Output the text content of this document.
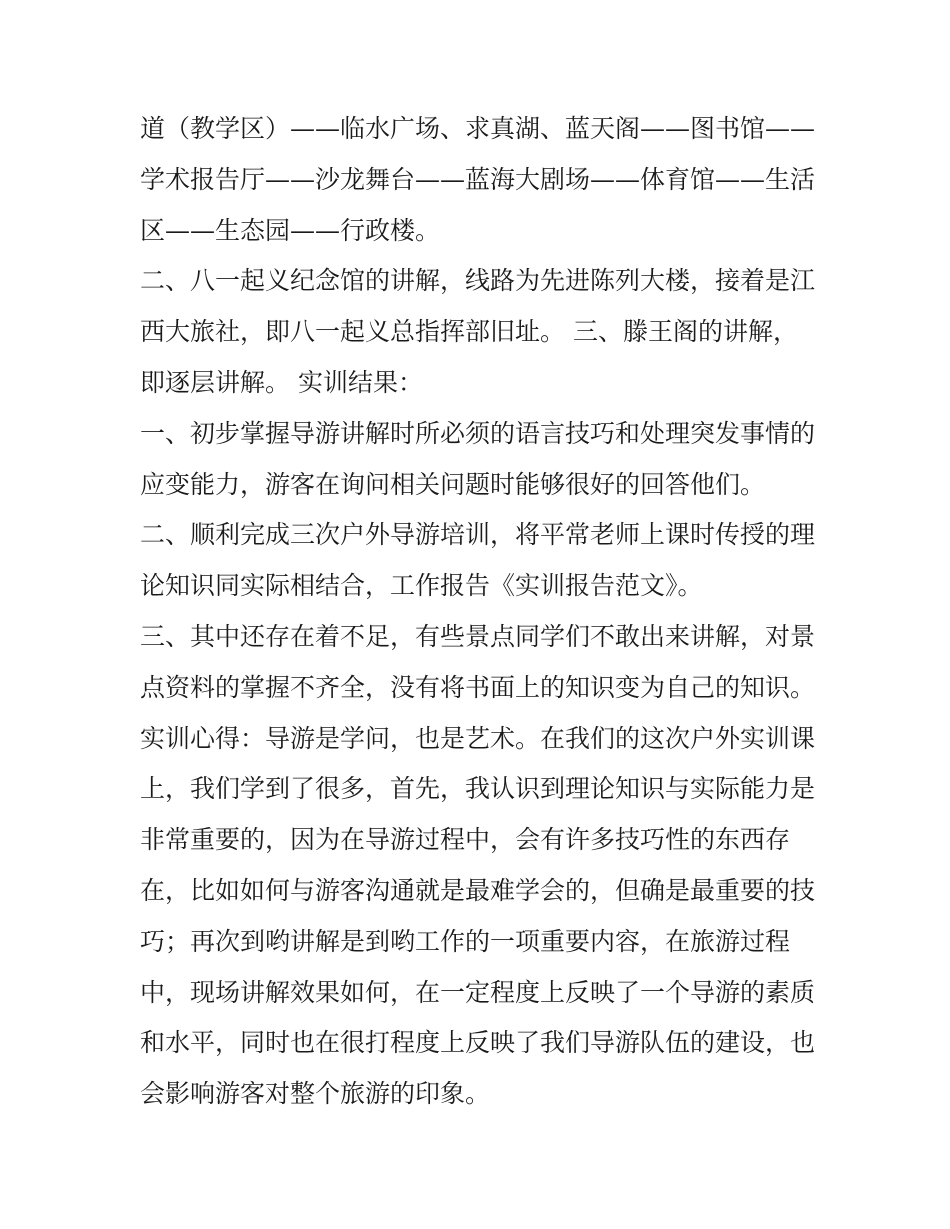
道（教学区）——临水广场、求真湖、蓝天阁——图书馆——
学术报告厅——沙龙舞台——蓝海大剧场——体育馆——生活
区——生态园——行政楼。
二、八一起义纪念馆的讲解，线路为先进陈列大楼，接着是江
西大旅社，即八一起义总指挥部旧址。 三、滕王阁的讲解，
即逐层讲解。 实训结果：
一、初步掌握导游讲解时所必须的语言技巧和处理突发事情的
应变能力，游客在询问相关问题时能够很好的回答他们。
二、顺利完成三次户外导游培训，将平常老师上课时传授的理
论知识同实际相结合，工作报告《实训报告范文》。
三、其中还存在着不足，有些景点同学们不敢出来讲解，对景
点资料的掌握不齐全，没有将书面上的知识变为自己的知识。
实训心得：导游是学问，也是艺术。在我们的这次户外实训课
上，我们学到了很多，首先，我认识到理论知识与实际能力是
非常重要的，因为在导游过程中，会有许多技巧性的东西存
在，比如如何与游客沟通就是最难学会的，但确是最重要的技
巧；再次到哟讲解是到哟工作的一项重要内容，在旅游过程
中，现场讲解效果如何，在一定程度上反映了一个导游的素质
和水平，同时也在很打程度上反映了我们导游队伍的建设，也
会影响游客对整个旅游的印象。
